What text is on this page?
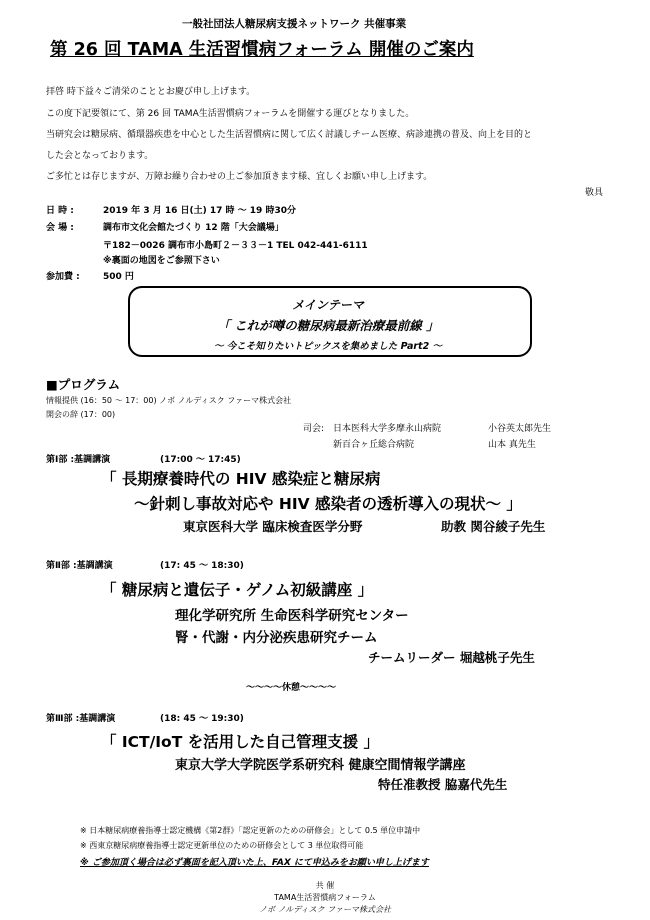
一般社団法人糖尿病支援ネットワーク 共催事業
第 26 回 TAMA 生活習慣病フォーラム 開催のご案内
拝啓 時下益々ご清栄のこととお慶び申し上げます。
この度下記要領にて、第 26 回 TAMA生活習慣病フォーラムを開催する運びとなりました。
当研究会は糖尿病、循環器疾患を中心とした生活習慣病に関して広く討議しチーム医療、病診連携の普及、向上を目的と
した会となっております。
ご多忙とは存じますが、万障お繰り合わせの上ご参加頂きます様、宜しくお願い申し上げます。
敬具
日 時 :	2019 年 3 月 16 日(土) 17 時 ～ 19 時30分
会 場 :	調布市文化会館たづくり 12 階「大会議場」
〒182－0026 調布市小島町２－３３－1 TEL 042-441-6111
※裏面の地図をご参照下さい
参加費 :	500 円
メインテーマ
「 これが噂の糖尿病最新治療最前線 」
～ 今こそ知りたいトピックスを集めました Part2 ～
■プログラム
情報提供 (16：50 ～ 17：00) ノボ ノルディスク ファーマ株式会社
開会の辞 (17：00)
司会: 日本医科大学多摩永山病院	小谷英太郎先生
新百合ヶ丘総合病院	山本 真先生
第Ⅰ部 :基調講演	(17:00 ～ 17:45)
「 長期療養時代の HIV 感染症と糖尿病
～針刺し事故対応や HIV 感染者の透析導入の現状～ 」
東京医科大学 臨床検査医学分野	助教 関谷綾子先生
第Ⅱ部 :基調講演	(17: 45 ～ 18:30)
「 糖尿病と遺伝子・ゲノム初級講座 」
理化学研究所 生命医科学研究センター
腎・代謝・内分泌疾患研究チーム
チームリーダー 堀越桃子先生
～～～～休憩～～～～
第Ⅲ部 :基調講演	(18: 45 ～ 19:30)
「 ICT/IoT を活用した自己管理支援 」
東京大学大学院医学系研究科 健康空間情報学講座
特任准教授 脇嘉代先生
※ 日本糖尿病療養指導士認定機構《第2群》「認定更新のための研修会」として 0.5 単位申請中
※ 西東京糖尿病療養指導士認定更新単位のための研修会として 3 単位取得可能
※ ご参加頂く場合は必ず裏面を記入頂いた上、FAX にて申込みをお願い申し上げます
共 催
TAMA生活習慣病フォーラム
ノボ ノルディスク ファーマ株式会社
